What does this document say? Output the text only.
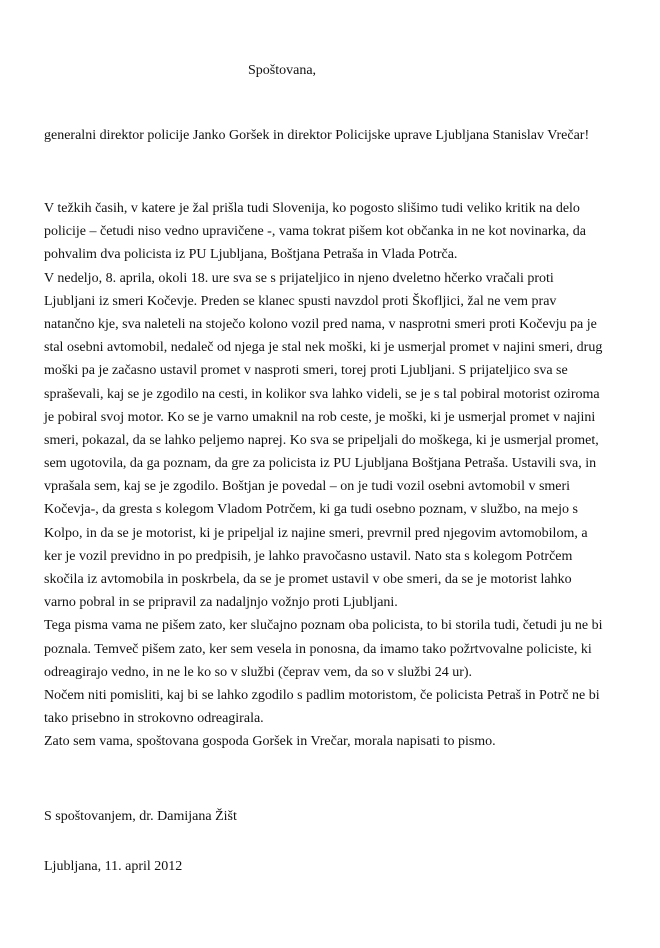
Spoštovana,

generalni direktor policije Janko Goršek in direktor Policijske uprave Ljubljana Stanislav Vrečar!

V težkih časih, v katere je žal prišla tudi Slovenija, ko pogosto slišimo tudi veliko kritik na delo
policije – četudi niso vedno upravičene -, vama tokrat pišem kot občanka in ne kot novinarka, da
pohvalim dva policista iz PU Ljubljana, Boštjana Petraša in Vlada Potrča.
V nedeljo, 8. aprila, okoli 18. ure sva se s prijateljico in njeno dveletno hčerko vračali proti
Ljubljani iz smeri Kočevje. Preden se klanec spusti navzdol proti Škofljici, žal ne vem prav
natančno kje, sva naleteli na stoječo kolono vozil pred nama, v nasprotni smeri proti Kočevju pa je
stal osebni avtomobil, nedaleč od njega je stal nek moški, ki je usmerjal promet v najini smeri, drug
moški pa je začasno ustavil promet v nasproti smeri, torej proti Ljubljani. S prijateljico sva se
spraševali, kaj se je zgodilo na cesti, in kolikor sva lahko videli, se je s tal pobiral motorist oziroma
je pobiral svoj motor. Ko se je varno umaknil na rob ceste, je moški, ki je usmerjal promet v najini
smeri, pokazal, da se lahko peljemo naprej. Ko sva se pripeljali do moškega, ki je usmerjal promet,
sem ugotovila, da ga poznam, da gre za policista iz PU Ljubljana Boštjana Petraša. Ustavili sva, in
vprašala sem, kaj se je zgodilo. Boštjan je povedal – on je tudi vozil osebni avtomobil v smeri
Kočevja-, da gresta s kolegom Vladom Potrčem, ki ga tudi osebno poznam, v službo, na mejo s
Kolpo, in da se je motorist, ki je pripeljal iz najine smeri, prevrnil pred njegovim avtomobilom, a
ker je vozil previdno in po predpisih, je lahko pravočasno ustavil. Nato sta s kolegom Potrčem
skočila iz avtomobila in poskrbela, da se je promet ustavil v obe smeri, da se je motorist lahko
varno pobral in se pripravil za nadaljnjo vožnjo proti Ljubljani.
Tega pisma vama ne pišem zato, ker slučajno poznam oba policista, to bi storila tudi, četudi ju ne bi
poznala. Temveč pišem zato, ker sem vesela in ponosna, da imamo tako požrtvovalne policiste, ki
odreagirajo vedno, in ne le ko so v službi (čeprav vem, da so v službi 24 ur).
Nočem niti pomisliti, kaj bi se lahko zgodilo s padlim motoristom, če policista Petraš in Potrč ne bi
tako prisebno in strokovno odreagirala.
Zato sem vama, spoštovana gospoda Goršek in Vrečar, morala napisati to pismo.

S spoštovanjem, dr. Damijana Žišt

Ljubljana, 11. april 2012
